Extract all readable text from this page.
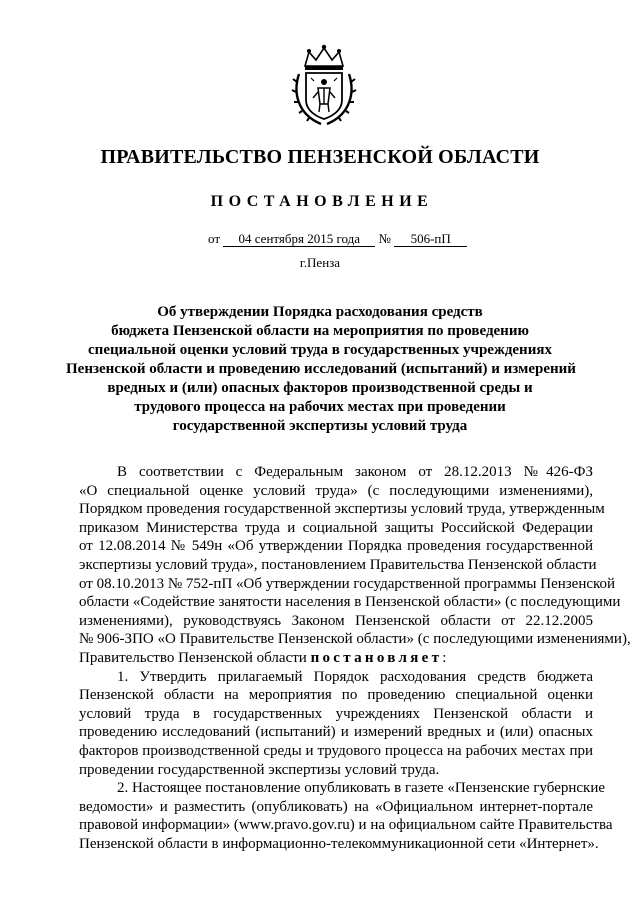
ПРАВИТЕЛЬСТВО ПЕНЗЕНСКОЙ ОБЛАСТИ
ПОСТАНОВЛЕНИЕ
от 04 сентября 2015 года № 506-пП
г.Пенза
Об утверждении Порядка расходования средств
бюджета Пензенской области на мероприятия по проведению
специальной оценки условий труда в государственных учреждениях
Пензенской области и проведению исследований (испытаний) и измерений
вредных и (или) опасных факторов производственной среды и
трудового процесса на рабочих местах при проведении
государственной экспертизы условий труда
В соответствии с Федеральным законом от 28.12.2013 №426-ФЗ
«О специальной оценке условий труда» (с последующими изменениями),
Порядком проведения государственной экспертизы условий труда, утвержденным
приказом Министерства труда и социальной защиты Российской Федерации
от 12.08.2014 № 549н «Об утверждении Порядка проведения государственной
экспертизы условий труда», постановлением Правительства Пензенской области
от 08.10.2013 № 752-пП «Об утверждении государственной программы Пензенской
области «Содействие занятости населения в Пензенской области» (с последующими
изменениями), руководствуясь Законом Пензенской области от 22.12.2005
№ 906-ЗПО «О Правительстве Пензенской области» (с последующими изменениями),
Правительство Пензенской области постановляет:
1. Утвердить прилагаемый Порядок расходования средств бюджета
Пензенской области на мероприятия по проведению специальной оценки
условий труда в государственных учреждениях Пензенской области и
проведению исследований (испытаний) и измерений вредных и (или) опасных
факторов производственной среды и трудового процесса на рабочих местах при
проведении государственной экспертизы условий труда.
2. Настоящее постановление опубликовать в газете «Пензенские губернские
ведомости» и разместить (опубликовать) на «Официальном интернет-портале
правовой информации» (www.pravo.gov.ru) и на официальном сайте Правительства
Пензенской области в информационно-телекоммуникационной сети «Интернет».
